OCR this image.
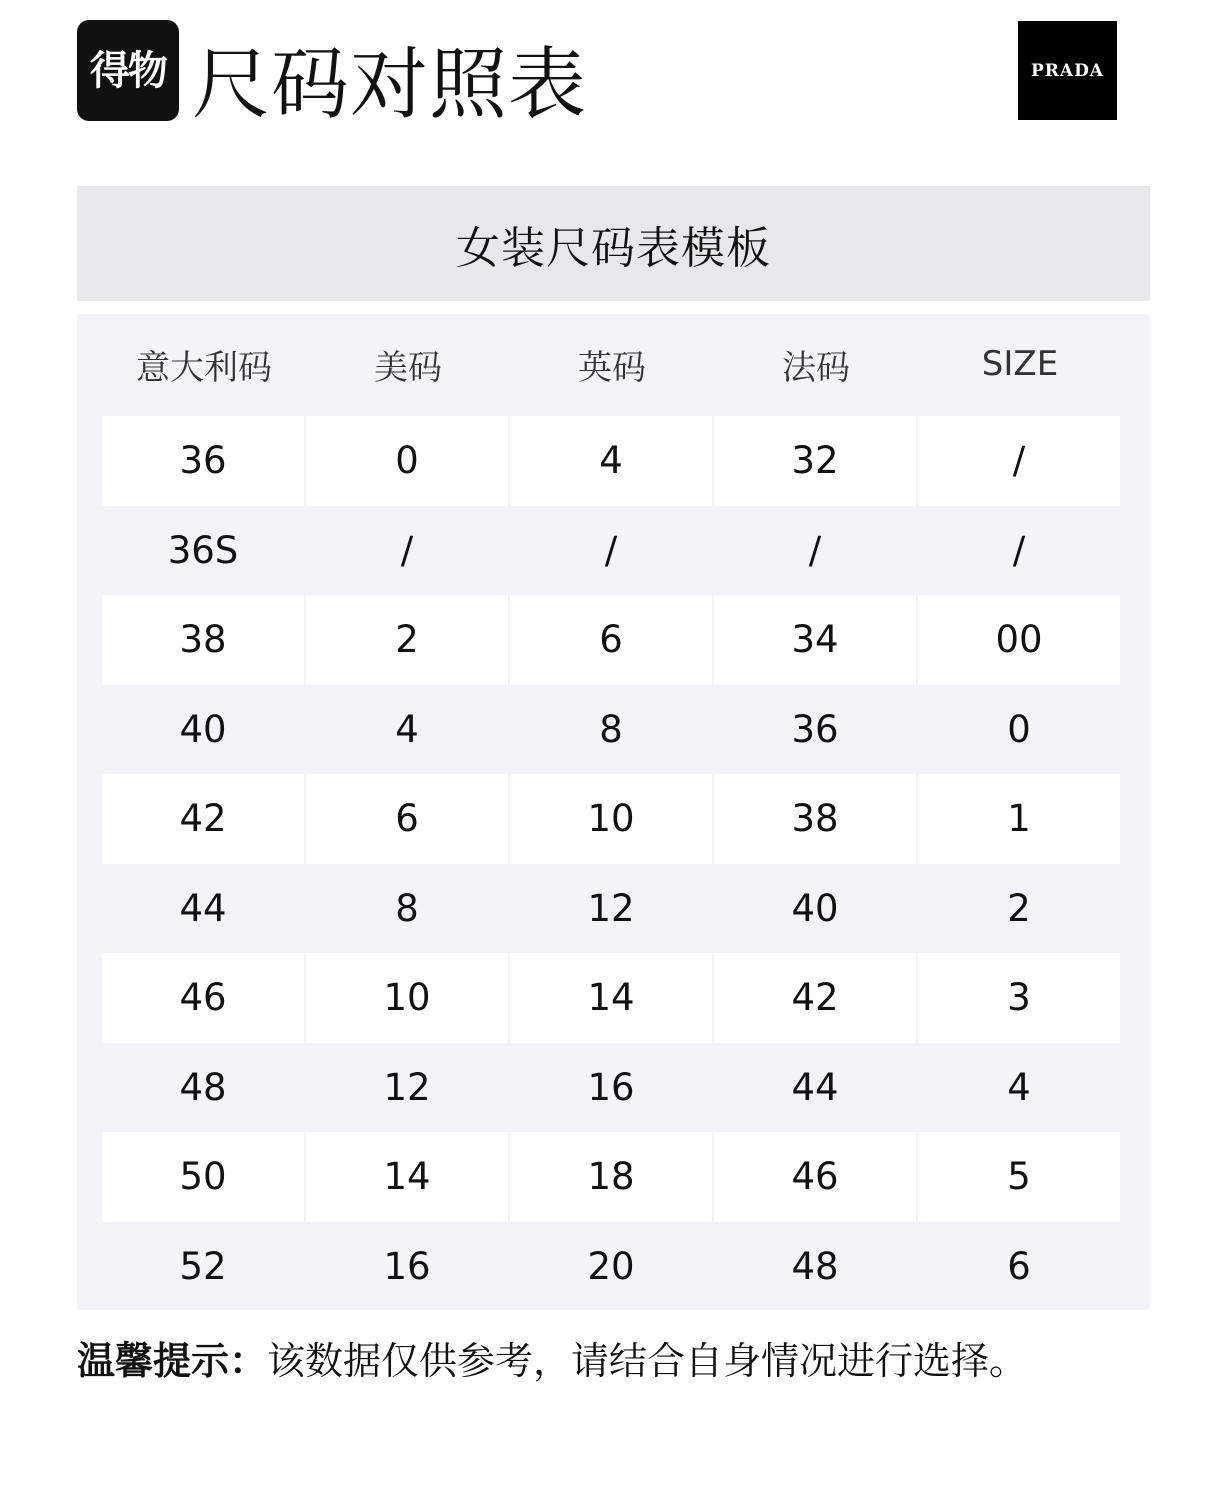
得物 尺码对照表	PRADA
女装尺码表模板
意大利码	美码	英码	法码	SIZE
36	0	4	32	/
36S	/	/	/	/
38	2	6	34	00
40	4	8	36	0
42	6	10	38	1
44	8	12	40	2
46	10	14	42	3
48	12	16	44	4
50	14	18	46	5
52	16	20	48	6
温馨提示：该数据仅供参考，请结合自身情况进行选择。
